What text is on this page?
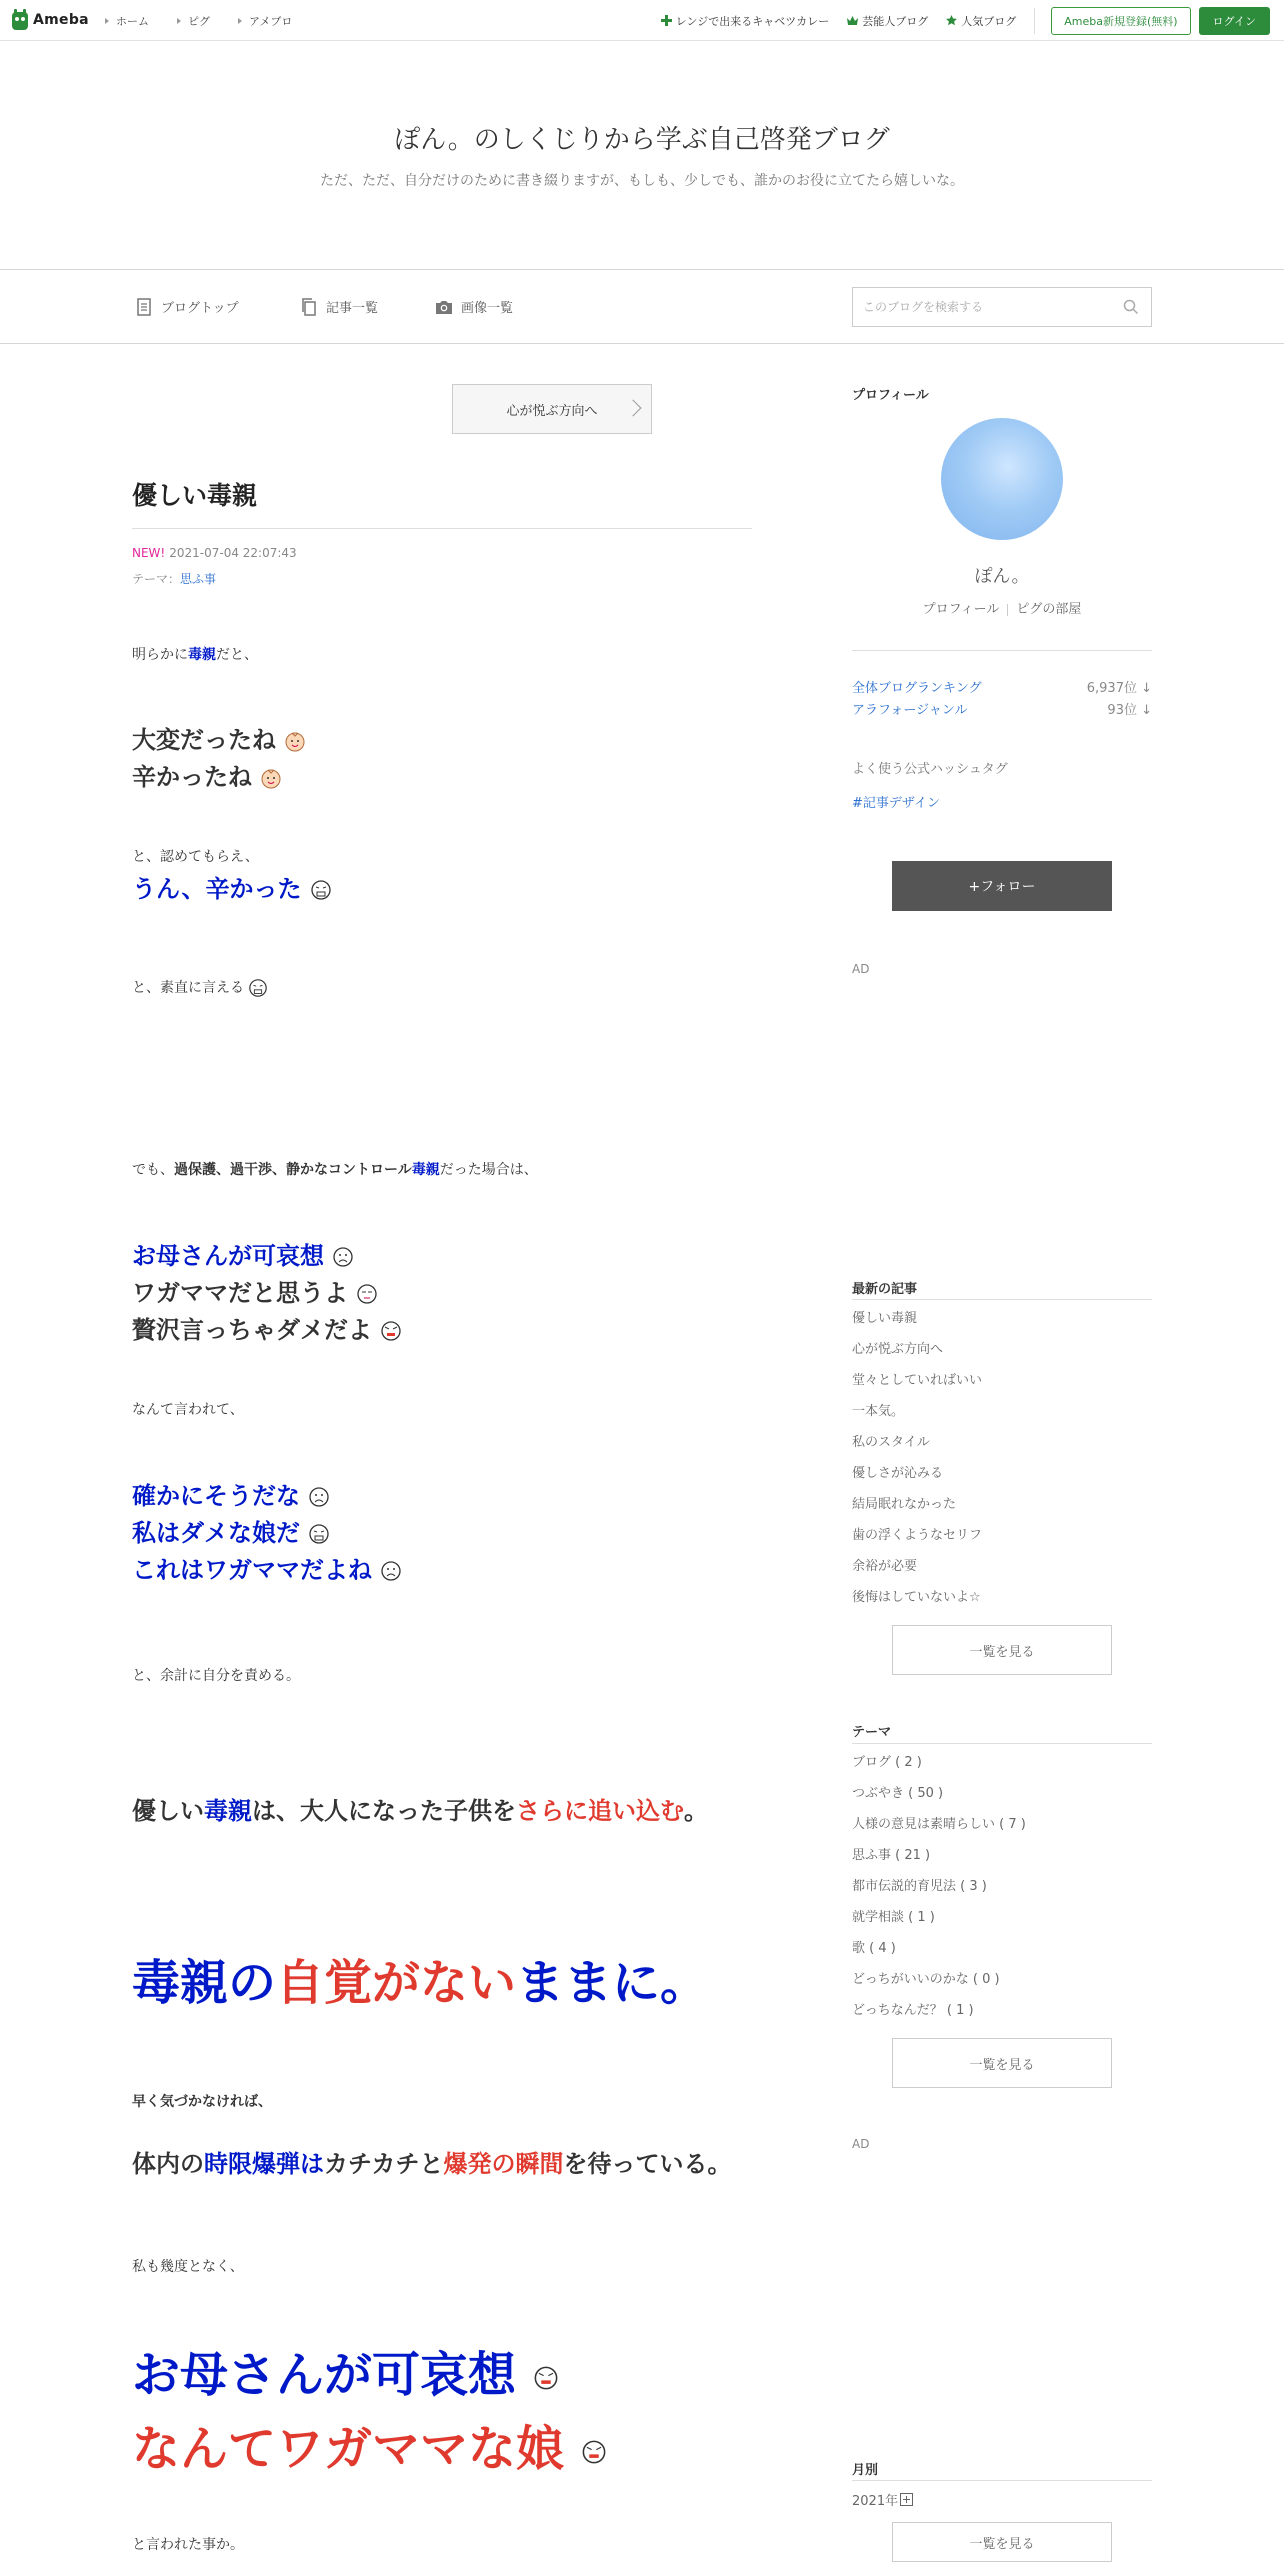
Ameba ホーム	ピグ	アメブロ	レンジで出来るキャベツカレー	芸能人ブログ	人気ブログ	Ameba新規登録(無料)	ログイン
ぽん。のしくじりから学ぶ自己啓発ブログ
ただ、ただ、自分だけのために書き綴りますが、もしも、少しでも、誰かのお役に立てたら嬉しいな。
ブログトップ	記事一覧	画像一覧
このブログを検索する
心が悦ぶ方向へ
優しい毒親
NEW! 2021-07-04 22:07:43
テーマ：思ふ事
明らかに毒親だと、
大変だったね
辛かったね
と、認めてもらえ、
うん、辛かった
と、素直に言える
でも、過保護、過干渉、静かなコントロール毒親だった場合は、
お母さんが可哀想
ワガママだと思うよ
贅沢言っちゃダメだよ
なんて言われて、
確かにそうだな
私はダメな娘だ
これはワガママだよね
と、余計に自分を責める。
優しい毒親は、大人になった子供をさらに追い込む。
毒親の自覚がないままに。
早く気づかなければ、
体内の時限爆弾はカチカチと爆発の瞬間を待っている。
私も幾度となく、
お母さんが可哀想
なんてワガママな娘
と言われた事か。
プロフィール
ぽん。
プロフィール ピグの部屋
全体ブログランキング	6,937位 ↓
アラフォージャンル	93位 ↓
よく使う公式ハッシュタグ
#記事デザイン
+フォロー
AD
最新の記事
優しい毒親
心が悦ぶ方向へ
堂々としていればいい
一本気。
私のスタイル
優しさが沁みる
結局眠れなかった
歯の浮くようなセリフ
余裕が必要
後悔はしていないよ☆
一覧を見る
テーマ
ブログ ( 2 )
つぶやき ( 50 )
人様の意見は素晴らしい ( 7 )
思ふ事 ( 21 )
都市伝説的育児法 ( 3 )
就学相談 ( 1 )
歌 ( 4 )
どっちがいいのかな ( 0 )
どっちなんだ？ ( 1 )
一覧を見る
AD
月別
2021年
一覧を見る
